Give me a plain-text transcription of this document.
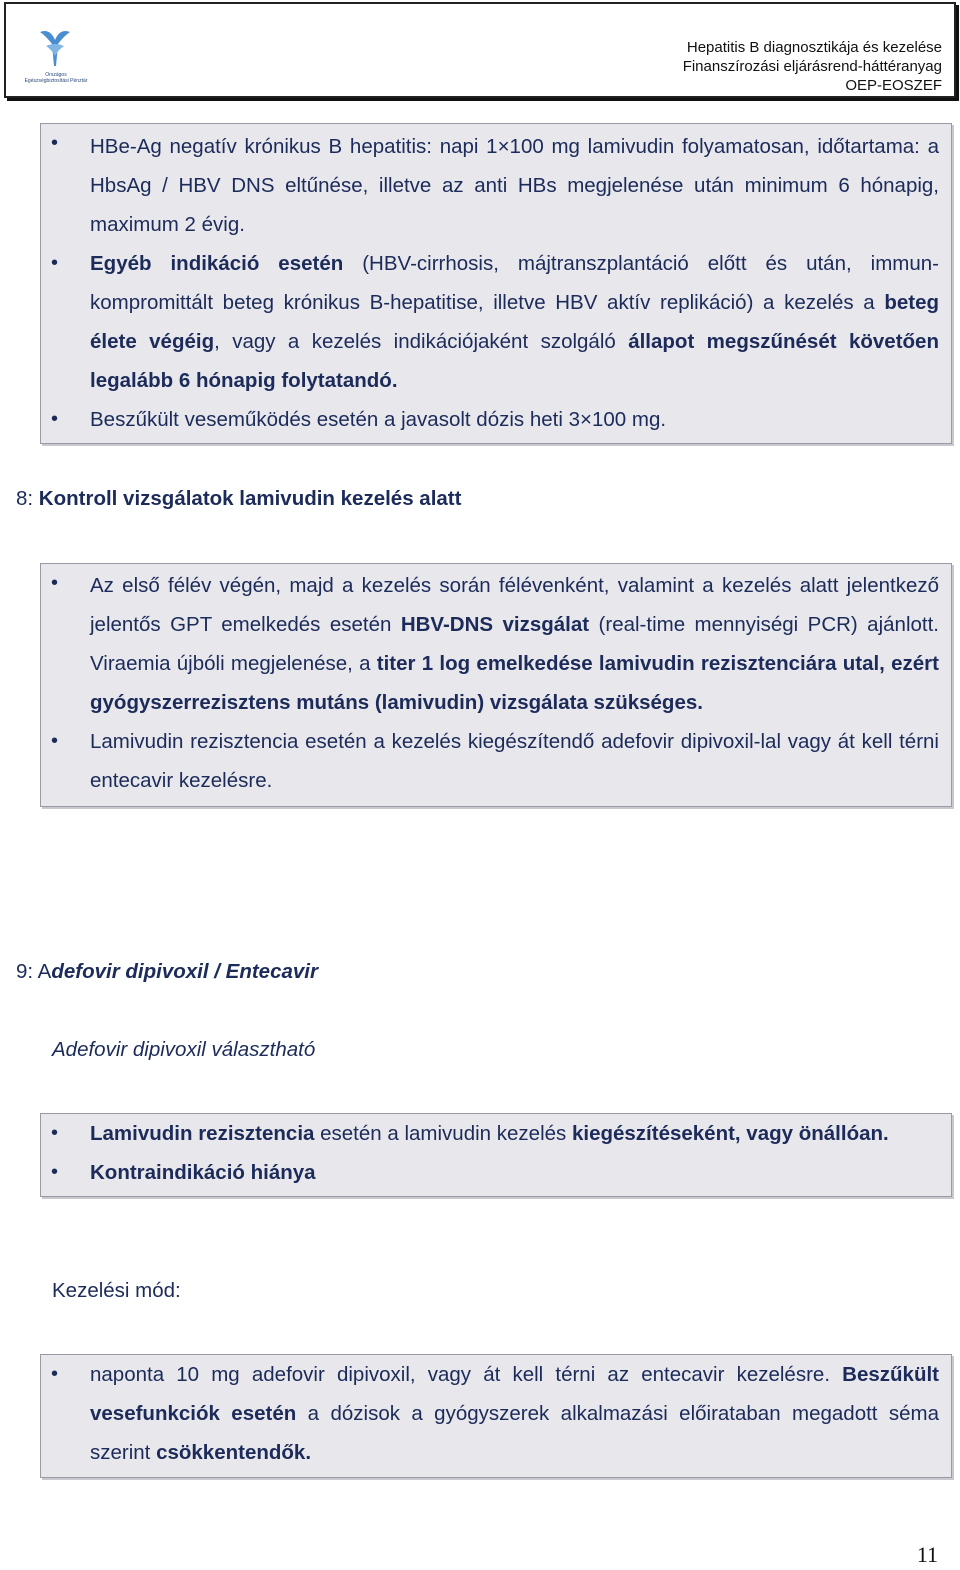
Országos Egészségbiztosítási Pénztár
Hepatitis B diagnosztikája és kezelése
Finanszírozási eljárásrend-háttéranyag
OEP-EOSZEF
• HBe-Ag negatív krónikus B hepatitis: napi 1×100 mg lamivudin folyamatosan, időtartama: a HbsAg / HBV DNS eltűnése, illetve az anti HBs megjelenése után minimum 6 hónapig, maximum 2 évig.
• Egyéb indikáció esetén (HBV-cirrhosis, májtranszplantáció előtt és után, immun-kompromittált beteg krónikus B-hepatitise, illetve HBV aktív replikáció) a kezelés a beteg élete végéig, vagy a kezelés indikációjaként szolgáló állapot megszűnését követően legalább 6 hónapig folytatandó.
• Beszűkült veseműködés esetén a javasolt dózis heti 3×100 mg.
8: Kontroll vizsgálatok lamivudin kezelés alatt
• Az első félév végén, majd a kezelés során félévenként, valamint a kezelés alatt jelentkező jelentős GPT emelkedés esetén HBV-DNS vizsgálat (real-time mennyiségi PCR) ajánlott. Viraemia újbóli megjelenése, a titer 1 log emelkedése lamivudin rezisztenciára utal, ezért gyógyszerrezisztens mutáns (lamivudin) vizsgálata szükséges.
• Lamivudin rezisztencia esetén a kezelés kiegészítendő adefovir dipivoxil-lal vagy át kell térni entecavir kezelésre.
9: Adefovir dipivoxil / Entecavir
Adefovir dipivoxil választható
• Lamivudin rezisztencia esetén a lamivudin kezelés kiegészítéseként, vagy önállóan.
• Kontraindikáció hiánya
Kezelési mód:
• naponta 10 mg adefovir dipivoxil, vagy át kell térni az entecavir kezelésre. Beszűkült vesefunkciók esetén a dózisok a gyógyszerek alkalmazási előirataban megadott séma szerint csökkentendők.
11
